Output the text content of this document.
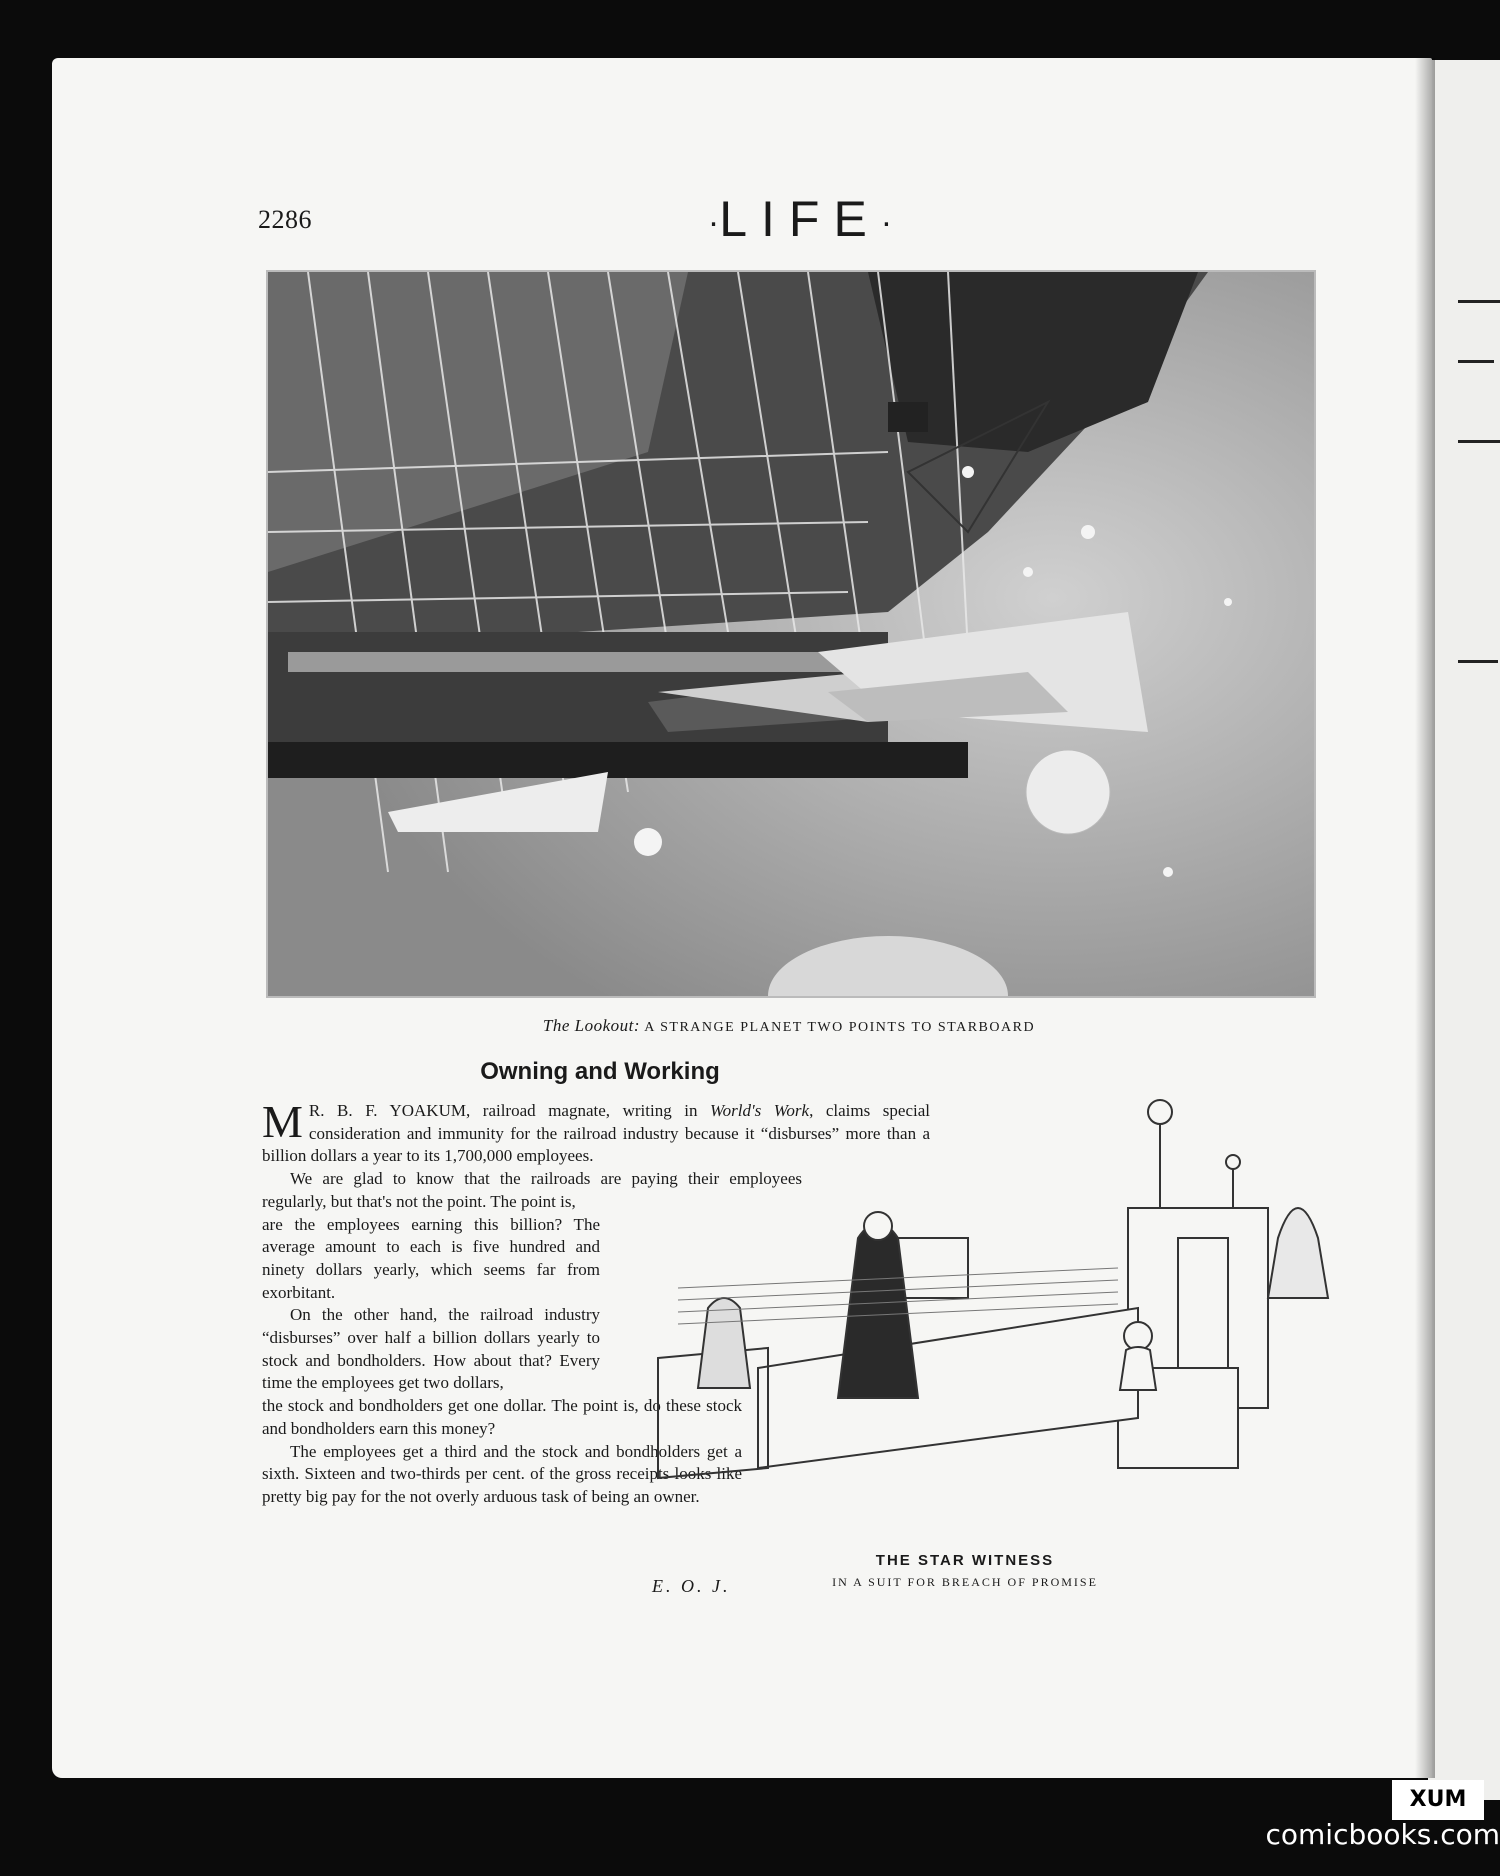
2286	·LIFE·
The Lookout: A STRANGE PLANET TWO POINTS TO STARBOARD
Owning and Working

M R. B. F. YOAKUM, railroad magnate, writing in World's Work, claims special consideration and immunity for the railroad industry because it “disburses” more than a billion dollars a year to its 1,700,000 employees.

We are glad to know that the railroads are paying their employees regularly, but that's not the point. The point is,

are the employees earning this billion? The average amount to each is five hundred and ninety dollars yearly, which seems far from exorbitant.

On the other hand, the railroad industry “disburses” over half a billion dollars yearly to stock and bondholders. How about that? Every time the employees get two dollars,

the stock and bondholders get one dollar. The point is, do these stock and bondholders earn this money?

The employees get a third and the stock and bondholders get a sixth. Sixteen and two-thirds per cent. of the gross receipts looks like pretty big pay for the not overly arduous task of being an owner.

E. O. J.
THE STAR WITNESS
IN A SUIT FOR BREACH OF PROMISE
XUM
comicbooks.com
